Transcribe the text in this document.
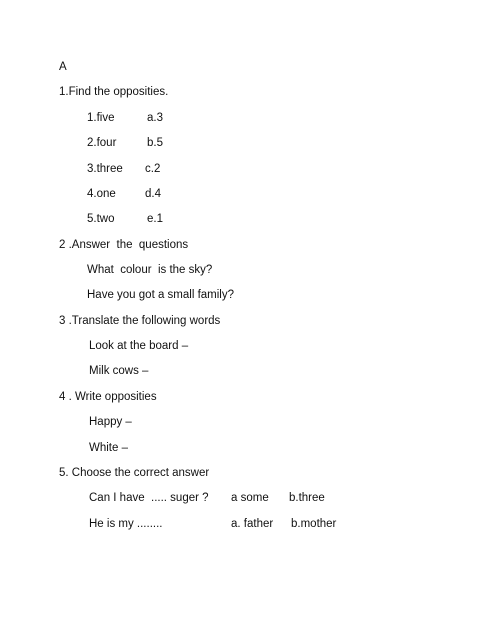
A
1.Find the opposities.
1.five	a.3
2.four	b.5
3.three c.2
4.one	d.4
5.two	e.1
2 .Answer  the  questions
What  colour  is the sky?
Have you got a small family?
3 .Translate the following words
Look at the board –
Milk cows –
4 . Write opposities
Happy –
White –
5. Choose the correct answer
Can I have  ..... suger ? a some b.three
He is my ........	a. father b.mother
